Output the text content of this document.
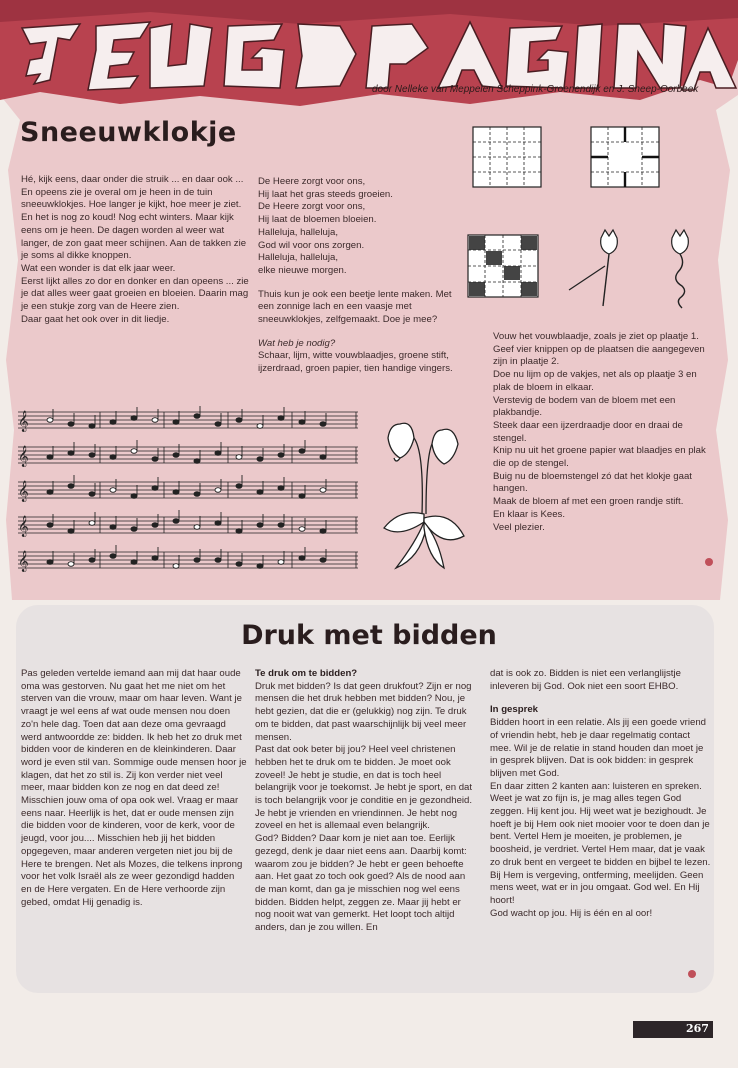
door Nelleke van Meppelen Scheppink-Groenendijk en J. Sneep-Oorbeek
Sneeuwklokje

Hé, kijk eens, daar onder die struik ... en daar ook ... En opeens zie je overal om je heen in de tuin sneeuwklokjes. Hoe langer je kijkt, hoe meer je ziet. En het is nog zo koud! Nog echt winters. Maar kijk eens om je heen. De dagen worden al weer wat langer, de zon gaat meer schijnen. Aan de takken zie je soms al dikke knoppen.

Wat een wonder is dat elk jaar weer.

Eerst lijkt alles zo dor en donker en dan opeens ... zie je dat alles weer gaat groeien en bloeien. Daarin mag je een stukje zorg van de Heere zien.

Daar gaat het ook over in dit liedje.

De Heere zorgt voor ons,

Hij laat het gras steeds groeien.

De Heere zorgt voor ons,

Hij laat de bloemen bloeien.

Halleluja, halleluja,

God wil voor ons zorgen.

Halleluja, halleluja,

elke nieuwe morgen.

Thuis kun je ook een beetje lente maken. Met een zonnige lach en een vaasje met sneeuwklokjes, zelfgemaakt. Doe je mee?

Wat heb je nodig?

Schaar, lijm, witte vouwblaadjes, groene stift, ijzerdraad, groen papier, tien handige vingers.

Vouw het vouwblaadje, zoals je ziet op plaatje 1.

Geef vier knippen op de plaatsen die aangegeven zijn in plaatje 2.

Doe nu lijm op de vakjes, net als op plaatje 3 en plak de bloem in elkaar.

Verstevig de bodem van de bloem met een plakbandje.

Steek daar een ijzerdraadje door en draai de stengel.

Knip nu uit het groene papier wat blaadjes en plak die op de stengel.

Buig nu de bloemstengel zó dat het klokje gaat hangen.

Maak de bloem af met een groen randje stift.

En klaar is Kees.

Veel plezier.

𝄞
𝄞
𝄞
𝄞
𝄞
Druk met bidden

Pas geleden vertelde iemand aan mij dat haar oude oma was gestorven. Nu gaat het me niet om het sterven van die vrouw, maar om haar leven. Want je vraagt je wel eens af wat oude mensen nou doen zo'n hele dag. Toen dat aan deze oma gevraagd werd antwoordde ze: bidden. Ik heb het zo druk met bidden voor de kinderen en de kleinkinderen. Daar word je even stil van. Sommige oude mensen hoor je klagen, dat het zo stil is. Zij kon verder niet veel meer, maar bidden kon ze nog en dat deed ze! Misschien jouw oma of opa ook wel. Vraag er maar eens naar. Heerlijk is het, dat er oude mensen zijn die bidden voor de kinderen, voor de kerk, voor de jeugd, voor jou.... Misschien heb jij het bidden opgegeven, maar anderen vergeten niet jou bij de Here te brengen. Net als Mozes, die telkens inprong voor het volk Israël als ze weer gezondigd hadden en de Here vergaten. En de Here verhoorde zijn gebed, omdat Hij genadig is.

Te druk om te bidden?

Druk met bidden? Is dat geen drukfout? Zijn er nog mensen die het druk hebben met bidden? Nou, je hebt gezien, dat die er (gelukkig) nog zijn. Te druk om te bidden, dat past waarschijnlijk bij veel meer mensen.

Past dat ook beter bij jou? Heel veel christenen hebben het te druk om te bidden. Je moet ook zoveel! Je hebt je studie, en dat is toch heel belangrijk voor je toekomst. Je hebt je sport, en dat is toch belangrijk voor je conditie en je gezondheid. Je hebt je vrienden en vriendinnen. Je hebt nog zoveel en het is allemaal even belangrijk.

God? Bidden? Daar kom je niet aan toe. Eerlijk gezegd, denk je daar niet eens aan. Daarbij komt: waarom zou je bidden? Je hebt er geen behoefte aan. Het gaat zo toch ook goed? Als de nood aan de man komt, dan ga je misschien nog wel eens bidden. Bidden helpt, zeggen ze. Maar jij hebt er nog nooit wat van gemerkt. Het loopt toch altijd anders, dan je zou willen. En

dat is ook zo. Bidden is niet een verlanglijstje inleveren bij God. Ook niet een soort EHBO.

In gesprek

Bidden hoort in een relatie. Als jij een goede vriend of vriendin hebt, heb je daar regelmatig contact mee. Wil je de relatie in stand houden dan moet je in gesprek blijven. Dat is ook bidden: in gesprek blijven met God.

En daar zitten 2 kanten aan: luisteren en spreken. Weet je wat zo fijn is, je mag alles tegen God zeggen. Hij kent jou. Hij weet wat je bezighoudt. Je hoeft je bij Hem ook niet mooier voor te doen dan je bent. Vertel Hem je moeiten, je problemen, je boosheid, je verdriet. Vertel Hem maar, dat je vaak zo druk bent en vergeet te bidden en bijbel te lezen. Bij Hem is vergeving, ontferming, meelijden. Geen mens weet, wat er in jou omgaat. God wel. En Hij hoort!

God wacht op jou. Hij is één en al oor!

267
